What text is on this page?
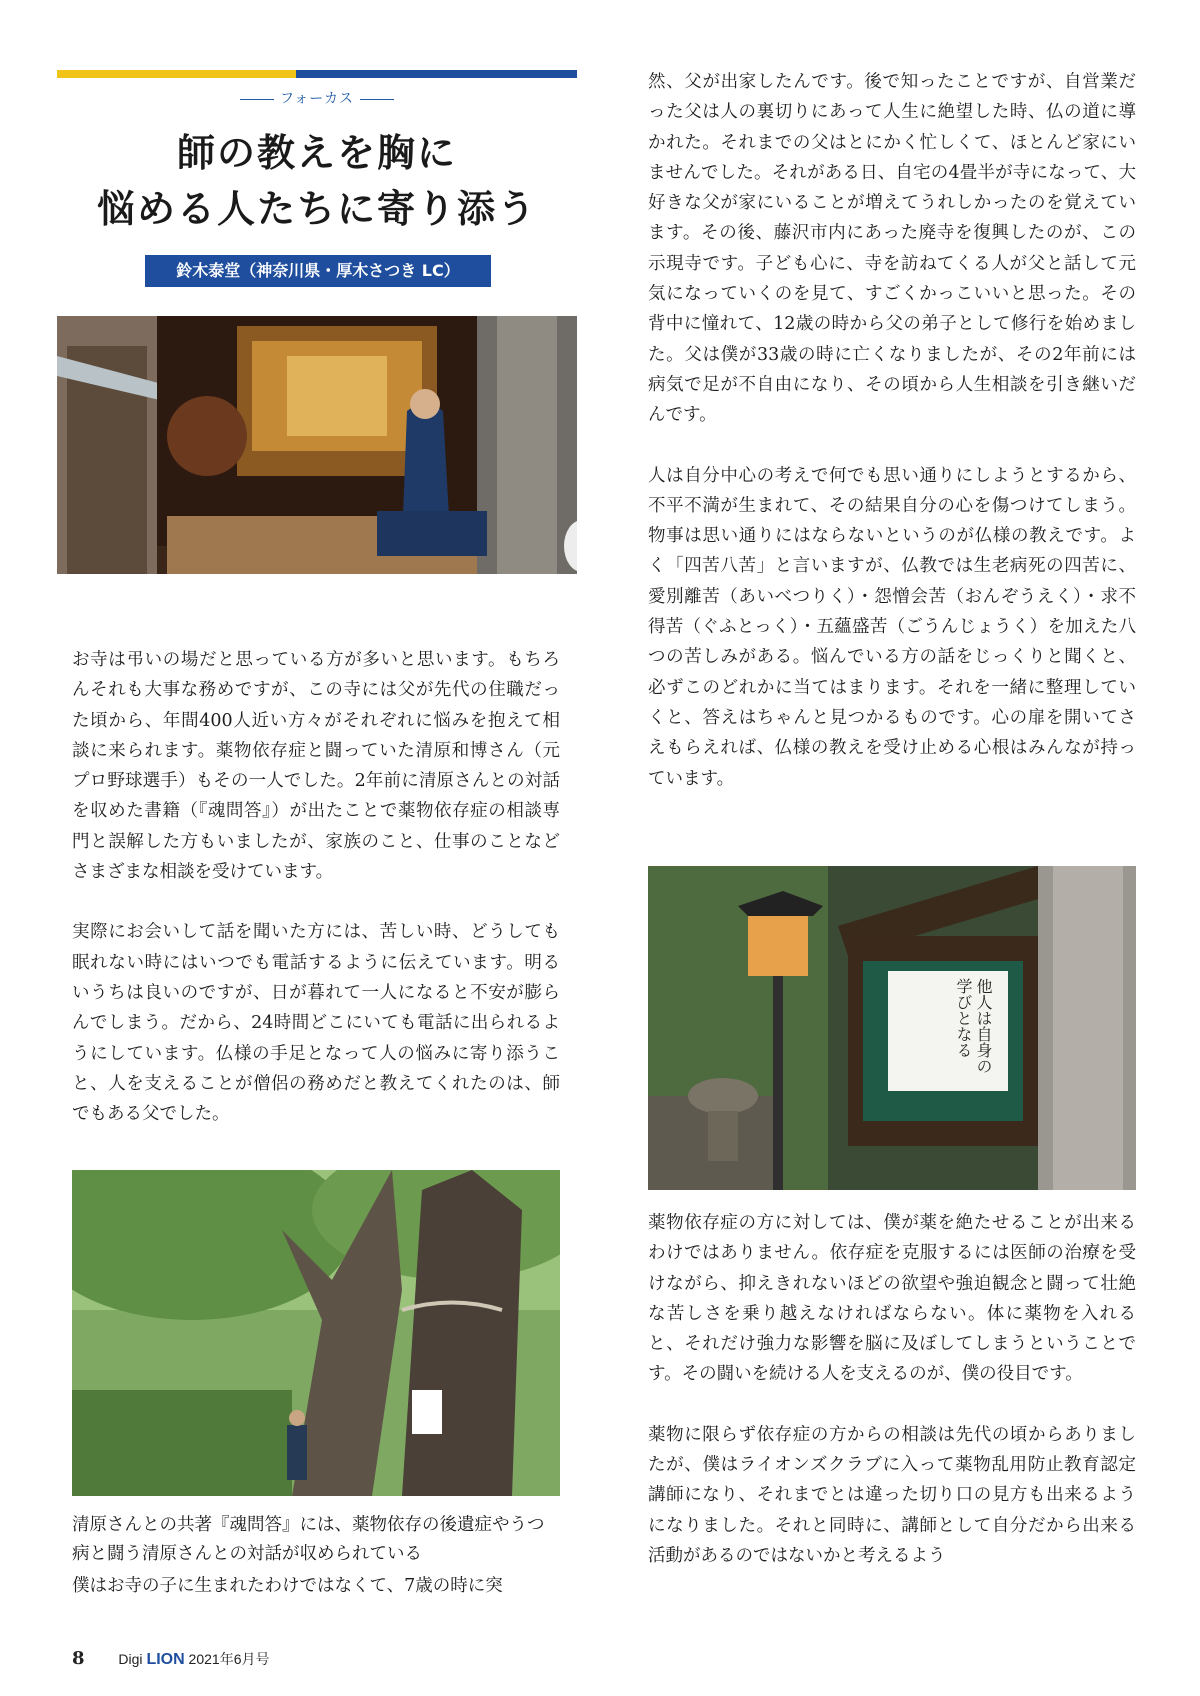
フォーカス
師の教えを胸に
悩める人たちに寄り添う
鈴木泰堂（神奈川県・厚木さつき LC）

お寺は弔いの場だと思っている方が多いと思います。もちろんそれも大事な務めですが、この寺には父が先代の住職だった頃から、年間400人近い方々がそれぞれに悩みを抱えて相談に来られます。薬物依存症と闘っていた清原和博さん（元プロ野球選手）もその一人でした。2年前に清原さんとの対話を収めた書籍（『魂問答』）が出たことで薬物依存症の相談専門と誤解した方もいましたが、家族のこと、仕事のことなどさまざまな相談を受けています。

実際にお会いして話を聞いた方には、苦しい時、どうしても眠れない時にはいつでも電話するように伝えています。明るいうちは良いのですが、日が暮れて一人になると不安が膨らんでしまう。だから、24時間どこにいても電話に出られるようにしています。仏様の手足となって人の悩みに寄り添うこと、人を支えることが僧侶の務めだと教えてくれたのは、師でもある父でした。

清原さんとの共著『魂問答』には、薬物依存の後遺症やうつ病と闘う清原さんとの対話が収められている
僕はお寺の子に生まれたわけではなくて、7歳の時に突

然、父が出家したんです。後で知ったことですが、自営業だった父は人の裏切りにあって人生に絶望した時、仏の道に導かれた。それまでの父はとにかく忙しくて、ほとんど家にいませんでした。それがある日、自宅の4畳半が寺になって、大好きな父が家にいることが増えてうれしかったのを覚えています。その後、藤沢市内にあった廃寺を復興したのが、この示現寺です。子ども心に、寺を訪ねてくる人が父と話して元気になっていくのを見て、すごくかっこいいと思った。その背中に憧れて、12歳の時から父の弟子として修行を始めました。父は僕が33歳の時に亡くなりましたが、その2年前には病気で足が不自由になり、その頃から人生相談を引き継いだんです。

人は自分中心の考えで何でも思い通りにしようとするから、不平不満が生まれて、その結果自分の心を傷つけてしまう。物事は思い通りにはならないというのが仏様の教えです。よく「四苦八苦」と言いますが、仏教では生老病死の四苦に、愛別離苦（あいべつりく）・怨憎会苦（おんぞうえく）・求不得苦（ぐふとっく）・五蘊盛苦（ごうんじょうく）を加えた八つの苦しみがある。悩んでいる方の話をじっくりと聞くと、必ずこのどれかに当てはまります。それを一緒に整理していくと、答えはちゃんと見つかるものです。心の扉を開いてさえもらえれば、仏様の教えを受け止める心根はみんなが持っています。

他人は自身の学びとなる

薬物依存症の方に対しては、僕が薬を絶たせることが出来るわけではありません。依存症を克服するには医師の治療を受けながら、抑えきれないほどの欲望や強迫観念と闘って壮絶な苦しさを乗り越えなければならない。体に薬物を入れると、それだけ強力な影響を脳に及ぼしてしまうということです。その闘いを続ける人を支えるのが、僕の役目です。

薬物に限らず依存症の方からの相談は先代の頃からありましたが、僕はライオンズクラブに入って薬物乱用防止教育認定講師になり、それまでとは違った切り口の見方も出来るようになりました。それと同時に、講師として自分だから出来る活動があるのではないかと考えるよう

8 Digi LION 2021年6月号
